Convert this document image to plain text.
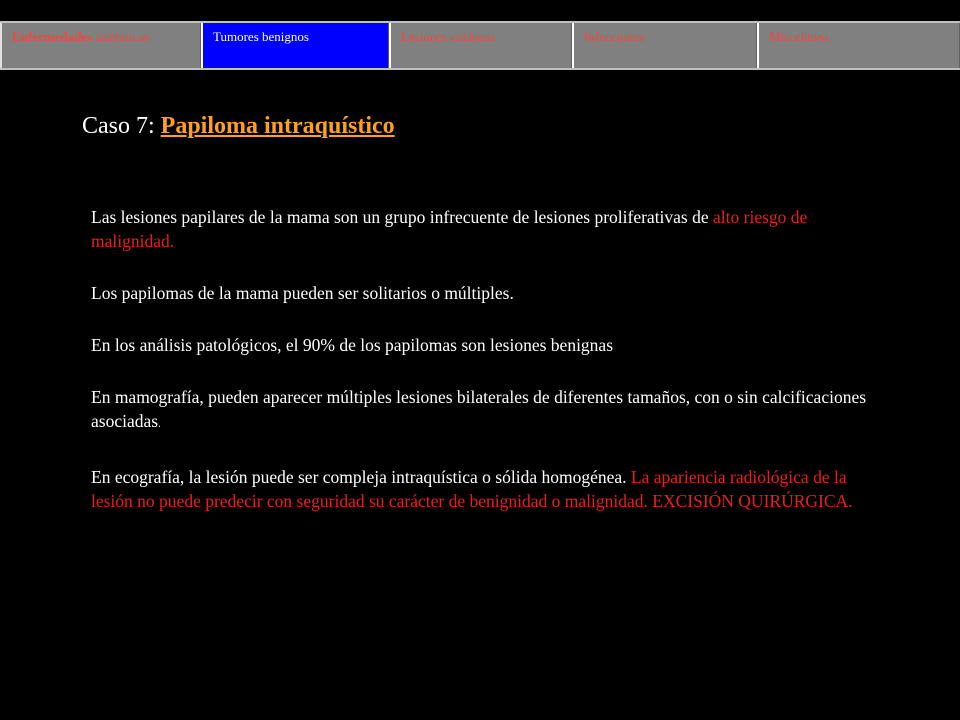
Enfermedades sistémicas	Tumores benignos	Lesiones cutáneas	Infecciones	Miscelánea
Caso 7: Papiloma intraquístico

Las lesiones papilares de la mama son un grupo infrecuente de lesiones proliferativas de alto riesgo de malignidad.

Los papilomas de la mama pueden ser solitarios o múltiples.

En los análisis patológicos, el 90% de los papilomas son lesiones benignas

En mamografía, pueden aparecer múltiples lesiones bilaterales de diferentes tamaños, con o sin calcificaciones asociadas.

En ecografía, la lesión puede ser compleja intraquística o sólida homogénea. La apariencia radiológica de la lesión no puede predecir con seguridad su carácter de benignidad o malignidad. EXCISIÓN QUIRÚRGICA.
